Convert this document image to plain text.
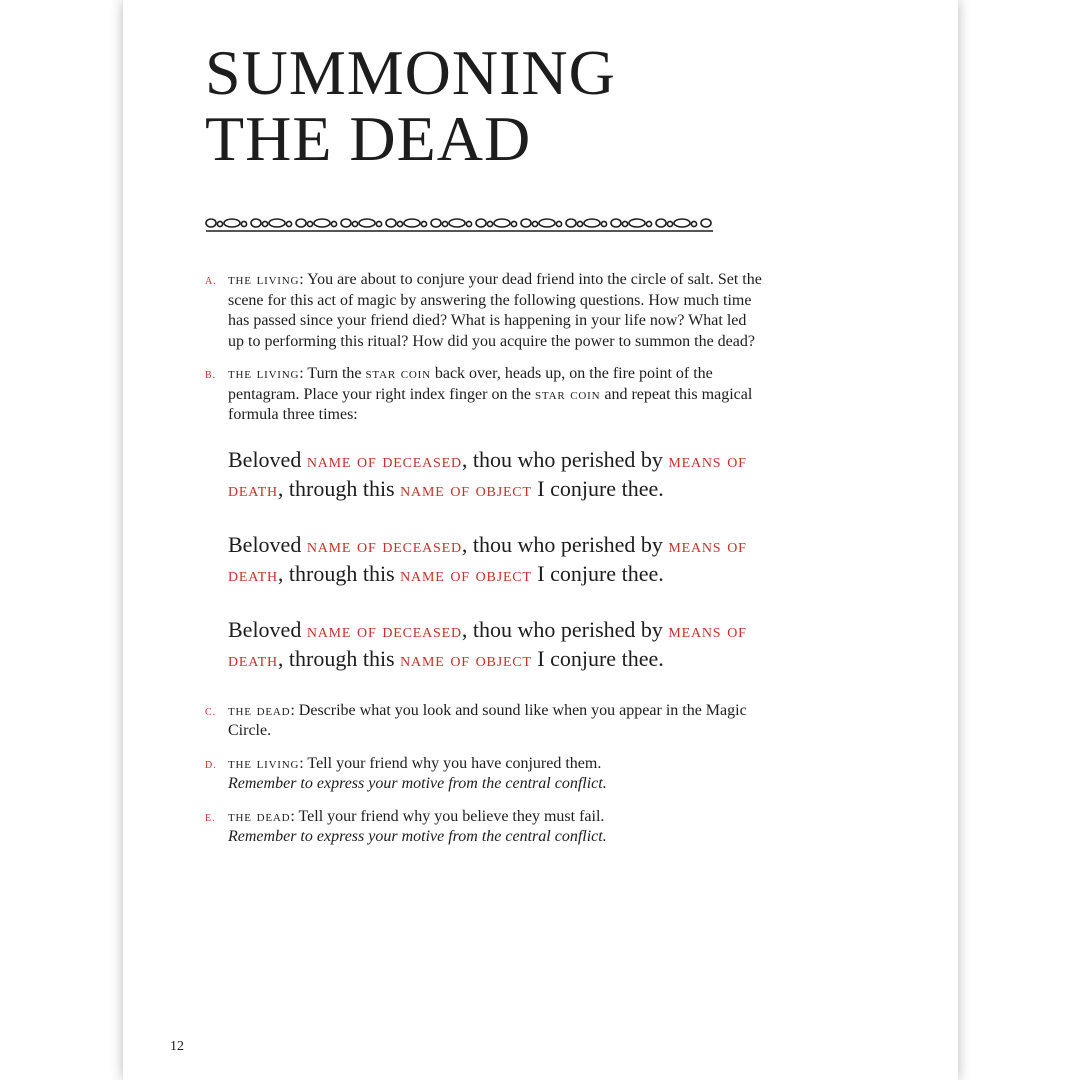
SUMMONING
THE DEAD
A. the living: You are about to conjure your dead friend into the circle of salt. Set the scene for this act of magic by answering the following questions. How much time has passed since your friend died? What is happening in your life now? What led up to performing this ritual? How did you acquire the power to summon the dead?
B. the living: Turn the star coin back over, heads up, on the fire point of the pentagram. Place your right index finger on the star coin and repeat this magical formula three times:

Beloved name of deceased, thou who perished by means of death, through this name of object I conjure thee.

Beloved name of deceased, thou who perished by means of death, through this name of object I conjure thee.

Beloved name of deceased, thou who perished by means of death, through this name of object I conjure thee.

C. the dead: Describe what you look and sound like when you appear in the Magic Circle.
D. the living: Tell your friend why you have conjured them.
Remember to express your motive from the central conflict.
E. the dead: Tell your friend why you believe they must fail.
Remember to express your motive from the central conflict.
12
